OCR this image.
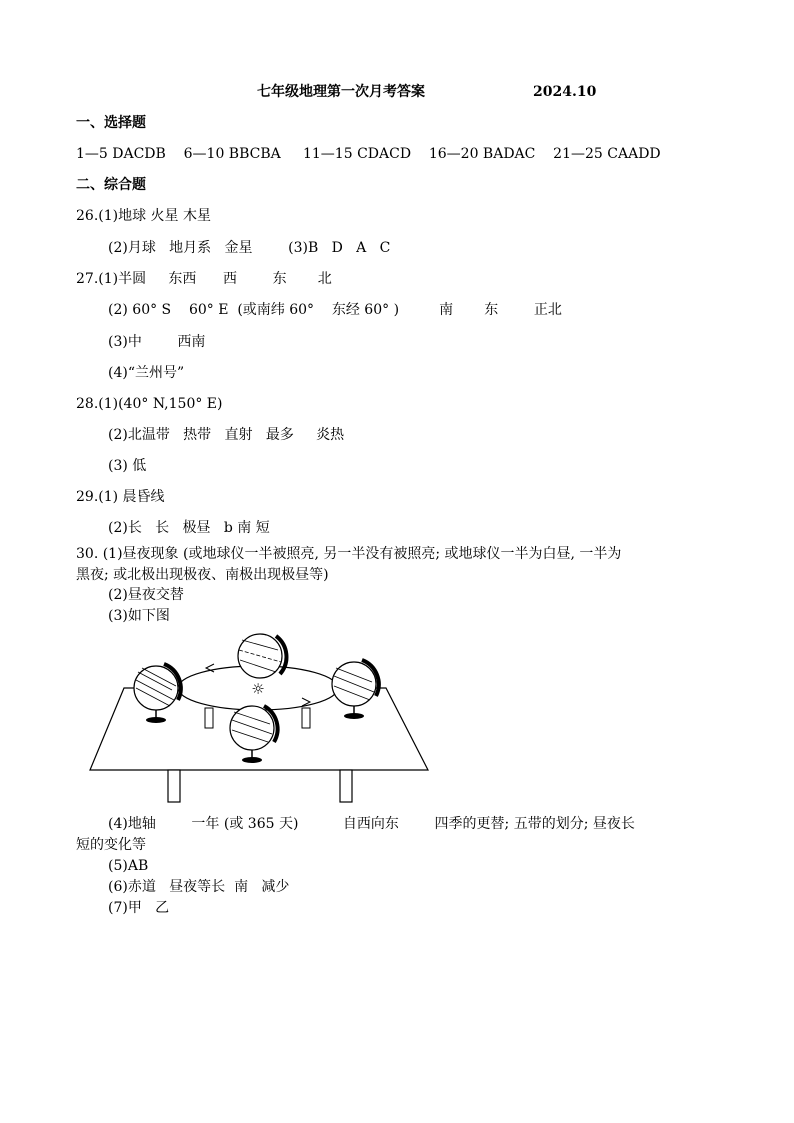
七年级地理第一次月考答案	2024.10
一、选择题
1—5 DACDB    6—10 BBCBA     11—15 CDACD    16—20 BADAC    21—25 CAADD
二、综合题
26.(1)地球 火星 木星
(2)月球   地月系   金星        (3)B   D   A   C
27.(1)半圆     东西      西        东       北
(2) 60° S    60° E  (或南纬 60°    东经 60° )         南       东        正北
(3)中        西南
(4)“兰州号”
28.(1)(40° N,150° E)
(2)北温带   热带   直射   最多     炎热
(3) 低
29.(1) 晨昏线
(2)长   长   极昼   b 南 短
30. (1)昼夜现象 (或地球仪一半被照亮, 另一半没有被照亮; 或地球仪一半为白昼, 一半为
黑夜; 或北极出现极夜、南极出现极昼等)
(2)昼夜交替
(3)如下图
☼
(4)地轴        一年 (或 365 天)          自西向东        四季的更替; 五带的划分; 昼夜长
短的变化等
(5)AB
(6)赤道   昼夜等长  南   减少
(7)甲   乙
